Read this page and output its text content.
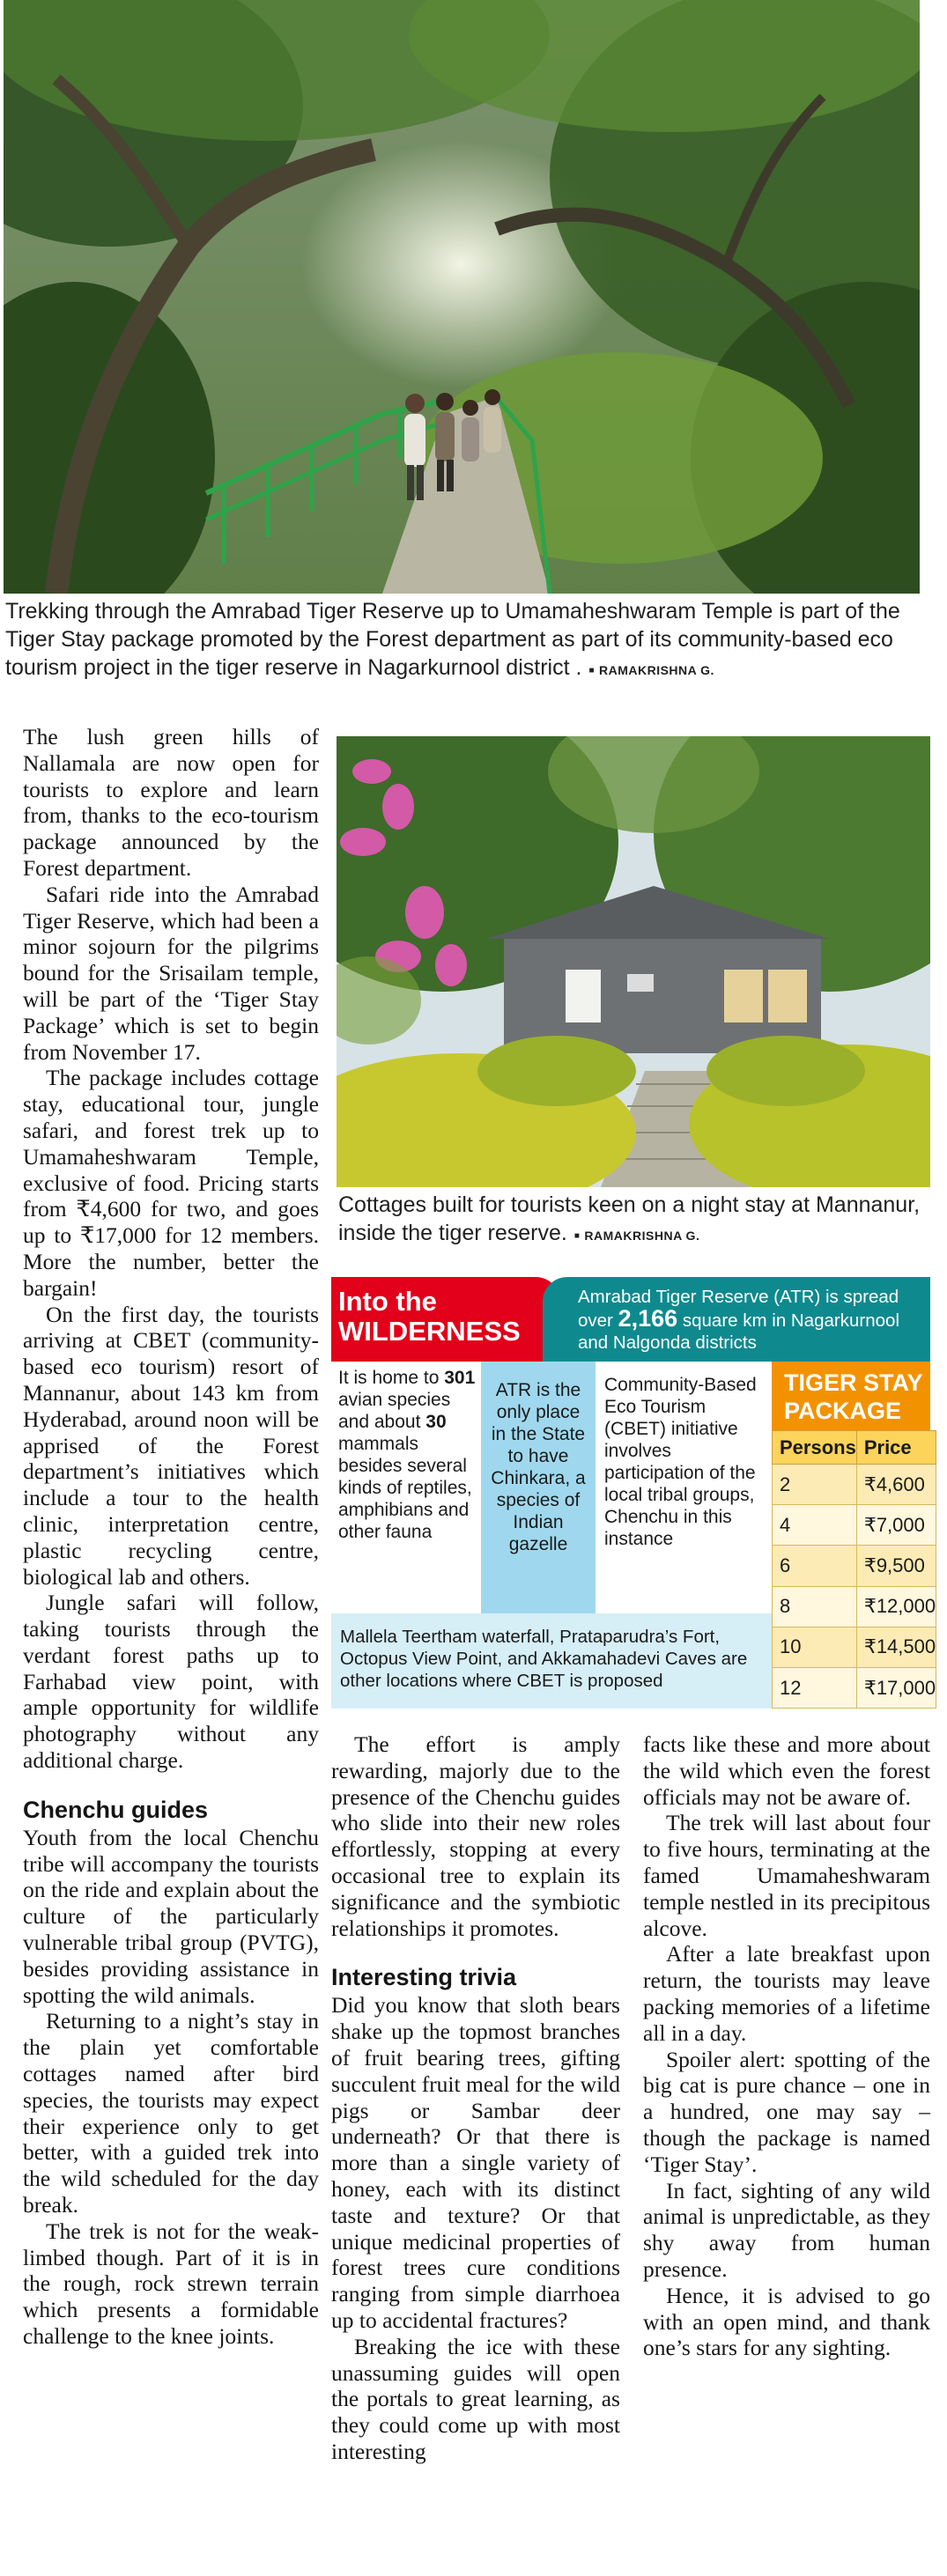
Trekking through the Amrabad Tiger Reserve up to Umamaheshwaram Temple is part of the Tiger Stay package promoted by the Forest department as part of its community-based eco tourism project in the tiger reserve in Nagarkurnool district . ■ RAMAKRISHNA G.

The lush green hills of Nallamala are now open for tourists to explore and learn from, thanks to the eco-tourism package announced by the Forest department.

Safari ride into the Amrabad Tiger Reserve, which had been a minor sojourn for the pilgrims bound for the Srisailam temple, will be part of the ‘Tiger Stay Package’ which is set to begin from November 17.

The package includes cottage stay, educational tour, jungle safari, and forest trek up to Umamaheshwaram Temple, exclusive of food. Pricing starts from ₹4,600 for two, and goes up to ₹17,000 for 12 members. More the number, better the bargain!

On the first day, the tourists arriving at CBET (community-based eco tourism) resort of Mannanur, about 143 km from Hyderabad, around noon will be apprised of the Forest department’s initiatives which include a tour to the health clinic, interpretation centre, plastic recycling centre, biological lab and others.

Jungle safari will follow, taking tourists through the verdant forest paths up to Farhabad view point, with ample opportunity for wildlife photography without any additional charge.

Chenchu guides

Youth from the local Chenchu tribe will accompany the tourists on the ride and explain about the culture of the particularly vulnerable tribal group (PVTG), besides providing assistance in spotting the wild animals.

Returning to a night’s stay in the plain yet comfortable cottages named after bird species, the tourists may expect their experience only to get better, with a guided trek into the wild scheduled for the day break.

The trek is not for the weak-limbed though. Part of it is in the rough, rock strewn terrain which presents a formidable challenge to the knee joints.

Cottages built for tourists keen on a night stay at Mannanur, inside the tiger reserve. ■ RAMAKRISHNA G.
Into the
WILDERNESS
Amrabad Tiger Reserve (ATR) is spread over 2,166 square km in Nagarkurnool and Nalgonda districts
It is home to 301 avian species and about 30 mammals besides several kinds of reptiles, amphibians and other fauna
ATR is the only place in the State to have Chinkara, a species of Indian gazelle
Community-Based Eco Tourism (CBET) initiative involves participation of the local tribal groups, Chenchu in this instance
Mallela Teertham waterfall, Prataparudra’s Fort, Octopus View Point, and Akkamahadevi Caves are other locations where CBET is proposed
TIGER STAY
PACKAGE
Persons	Price
2	₹4,600
4	₹7,000
6	₹9,500
8	₹12,000
10	₹14,500
12	₹17,000

The effort is amply rewarding, majorly due to the presence of the Chenchu guides who slide into their new roles effortlessly, stopping at every occasional tree to explain its significance and the symbiotic relationships it promotes.

Interesting trivia

Did you know that sloth bears shake up the topmost branches of fruit bearing trees, gifting succulent fruit meal for the wild pigs or Sambar deer underneath? Or that there is more than a single variety of honey, each with its distinct taste and texture? Or that unique medicinal properties of forest trees cure conditions ranging from simple diarrhoea up to accidental fractures?

Breaking the ice with these unassuming guides will open the portals to great learning, as they could come up with most interesting

facts like these and more about the wild which even the forest officials may not be aware of.

The trek will last about four to five hours, terminating at the famed Umamaheshwaram temple nestled in its precipitous alcove.

After a late breakfast upon return, the tourists may leave packing memories of a lifetime all in a day.

Spoiler alert: spotting of the big cat is pure chance – one in a hundred, one may say – though the package is named ‘Tiger Stay’.

In fact, sighting of any wild animal is unpredictable, as they shy away from human presence.

Hence, it is advised to go with an open mind, and thank one’s stars for any sighting.
